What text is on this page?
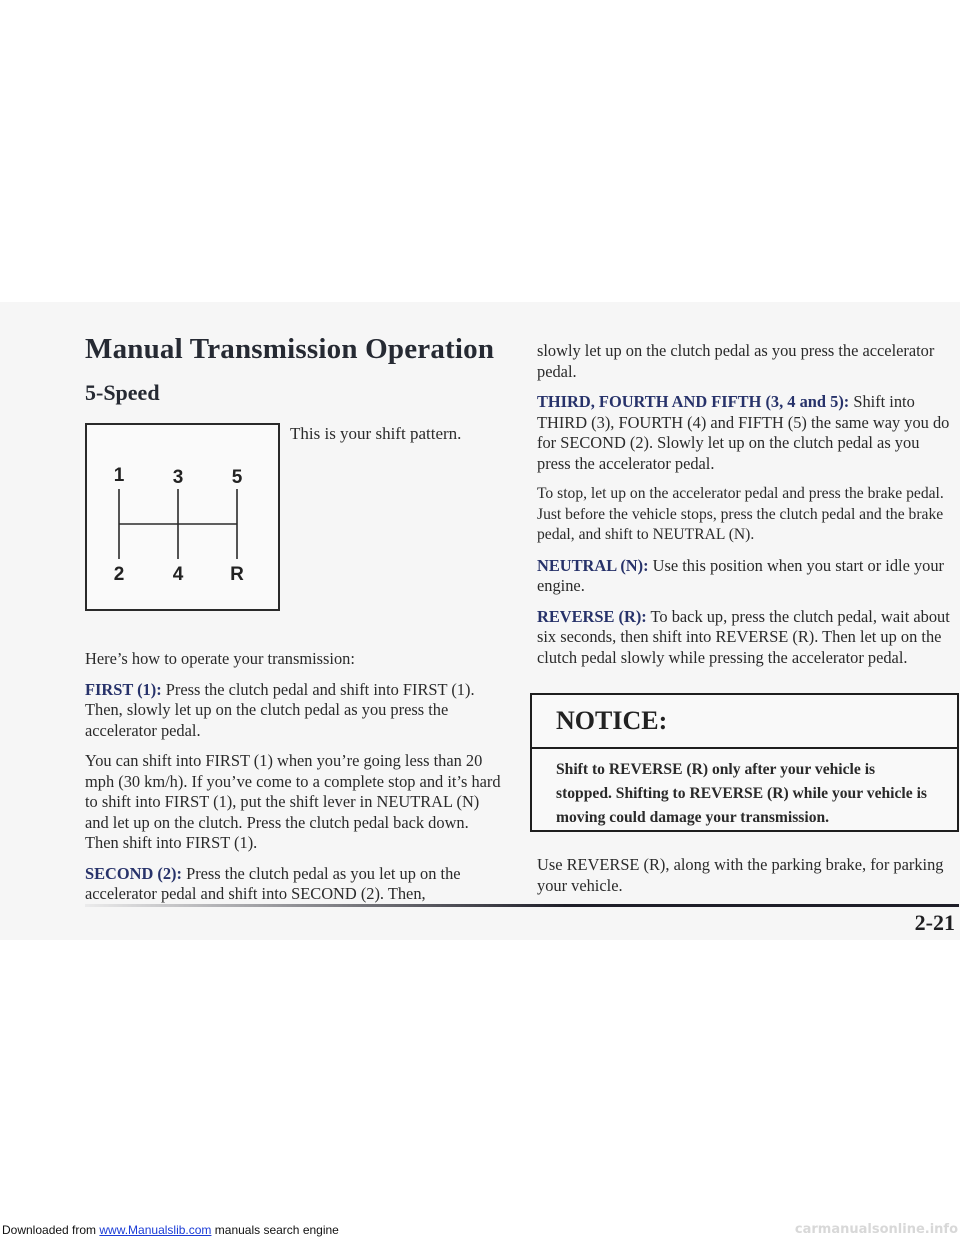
Manual Transmission Operation
5-Speed
1	3	5
2	4 R
This is your shift pattern.

Here’s how to operate your transmission:

FIRST (1): Press the clutch pedal and shift into FIRST (1). Then, slowly let up on the clutch pedal as you press the accelerator pedal.

You can shift into FIRST (1) when you’re going less than 20 mph (30 km/h). If you’ve come to a complete stop and it’s hard to shift into FIRST (1), put the shift lever in NEUTRAL (N) and let up on the clutch. Press the clutch pedal back down. Then shift into FIRST (1).

SECOND (2): Press the clutch pedal as you let up on the accelerator pedal and shift into SECOND (2). Then,

slowly let up on the clutch pedal as you press the accelerator pedal.

THIRD, FOURTH AND FIFTH (3, 4 and 5): Shift into THIRD (3), FOURTH (4) and FIFTH (5) the same way you do for SECOND (2). Slowly let up on the clutch pedal as you press the accelerator pedal.

To stop, let up on the accelerator pedal and press the brake pedal. Just before the vehicle stops, press the clutch pedal and the brake pedal, and shift to NEUTRAL (N).

NEUTRAL (N): Use this position when you start or idle your engine.

REVERSE (R): To back up, press the clutch pedal, wait about six seconds, then shift into REVERSE (R). Then let up on the clutch pedal slowly while pressing the accelerator pedal.

NOTICE:
Shift to REVERSE (R) only after your vehicle is stopped. Shifting to REVERSE (R) while your vehicle is moving could damage your transmission.

Use REVERSE (R), along with the parking brake, for parking your vehicle.

2-21
Downloaded from www.Manualslib.com manuals search engine	carmanualsonline.info
